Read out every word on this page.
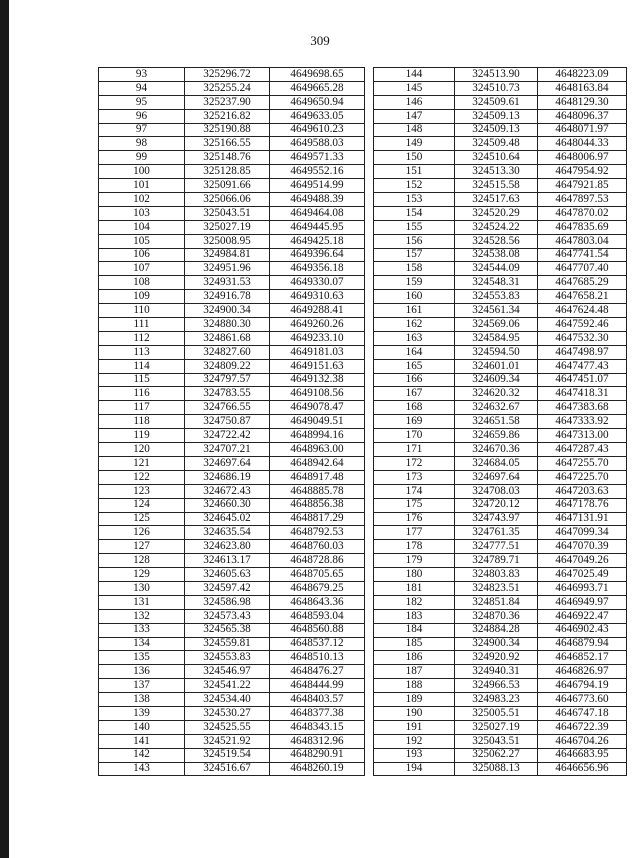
309
93	325296.72	4649698.65		144	324513.90	4648223.09
94	325255.24	4649665.28		145	324510.73	4648163.84
95	325237.90	4649650.94		146	324509.61	4648129.30
96	325216.82	4649633.05		147	324509.13	4648096.37
97	325190.88	4649610.23		148	324509.13	4648071.97
98	325166.55	4649588.03		149	324509.48	4648044.33
99	325148.76	4649571.33		150	324510.64	4648006.97
100	325128.85	4649552.16		151	324513.30	4647954.92
101	325091.66	4649514.99		152	324515.58	4647921.85
102	325066.06	4649488.39		153	324517.63	4647897.53
103	325043.51	4649464.08		154	324520.29	4647870.02
104	325027.19	4649445.95		155	324524.22	4647835.69
105	325008.95	4649425.18		156	324528.56	4647803.04
106	324984.81	4649396.64		157	324538.08	4647741.54
107	324951.96	4649356.18		158	324544.09	4647707.40
108	324931.53	4649330.07		159	324548.31	4647685.29
109	324916.78	4649310.63		160	324553.83	4647658.21
110	324900.34	4649288.41		161	324561.34	4647624.48
111	324880.30	4649260.26		162	324569.06	4647592.46
112	324861.68	4649233.10		163	324584.95	4647532.30
113	324827.60	4649181.03		164	324594.50	4647498.97
114	324809.22	4649151.63		165	324601.01	4647477.43
115	324797.57	4649132.38		166	324609.34	4647451.07
116	324783.55	4649108.56		167	324620.32	4647418.31
117	324766.55	4649078.47		168	324632.67	4647383.68
118	324750.87	4649049.51		169	324651.58	4647333.92
119	324722.42	4648994.16		170	324659.86	4647313.00
120	324707.21	4648963.00		171	324670.36	4647287.43
121	324697.64	4648942.64		172	324684.05	4647255.70
122	324686.19	4648917.48		173	324697.64	4647225.70
123	324672.43	4648885.78		174	324708.03	4647203.63
124	324660.30	4648856.38		175	324720.12	4647178.76
125	324645.02	4648817.29		176	324743.97	4647131.91
126	324635.54	4648792.53		177	324761.35	4647099.34
127	324623.80	4648760.03		178	324777.51	4647070.39
128	324613.17	4648728.86		179	324789.71	4647049.26
129	324605.63	4648705.65		180	324803.83	4647025.49
130	324597.42	4648679.25		181	324823.51	4646993.71
131	324586.98	4648643.36		182	324851.84	4646949.97
132	324573.43	4648593.04		183	324870.36	4646922.47
133	324565.38	4648560.88		184	324884.28	4646902.43
134	324559.81	4648537.12		185	324900.34	4646879.94
135	324553.83	4648510.13		186	324920.92	4646852.17
136	324546.97	4648476.27		187	324940.31	4646826.97
137	324541.22	4648444.99		188	324966.53	4646794.19
138	324534.40	4648403.57		189	324983.23	4646773.60
139	324530.27	4648377.38		190	325005.51	4646747.18
140	324525.55	4648343.15		191	325027.19	4646722.39
141	324521.92	4648312.96		192	325043.51	4646704.26
142	324519.54	4648290.91		193	325062.27	4646683.95
143	324516.67	4648260.19		194	325088.13	4646656.96
